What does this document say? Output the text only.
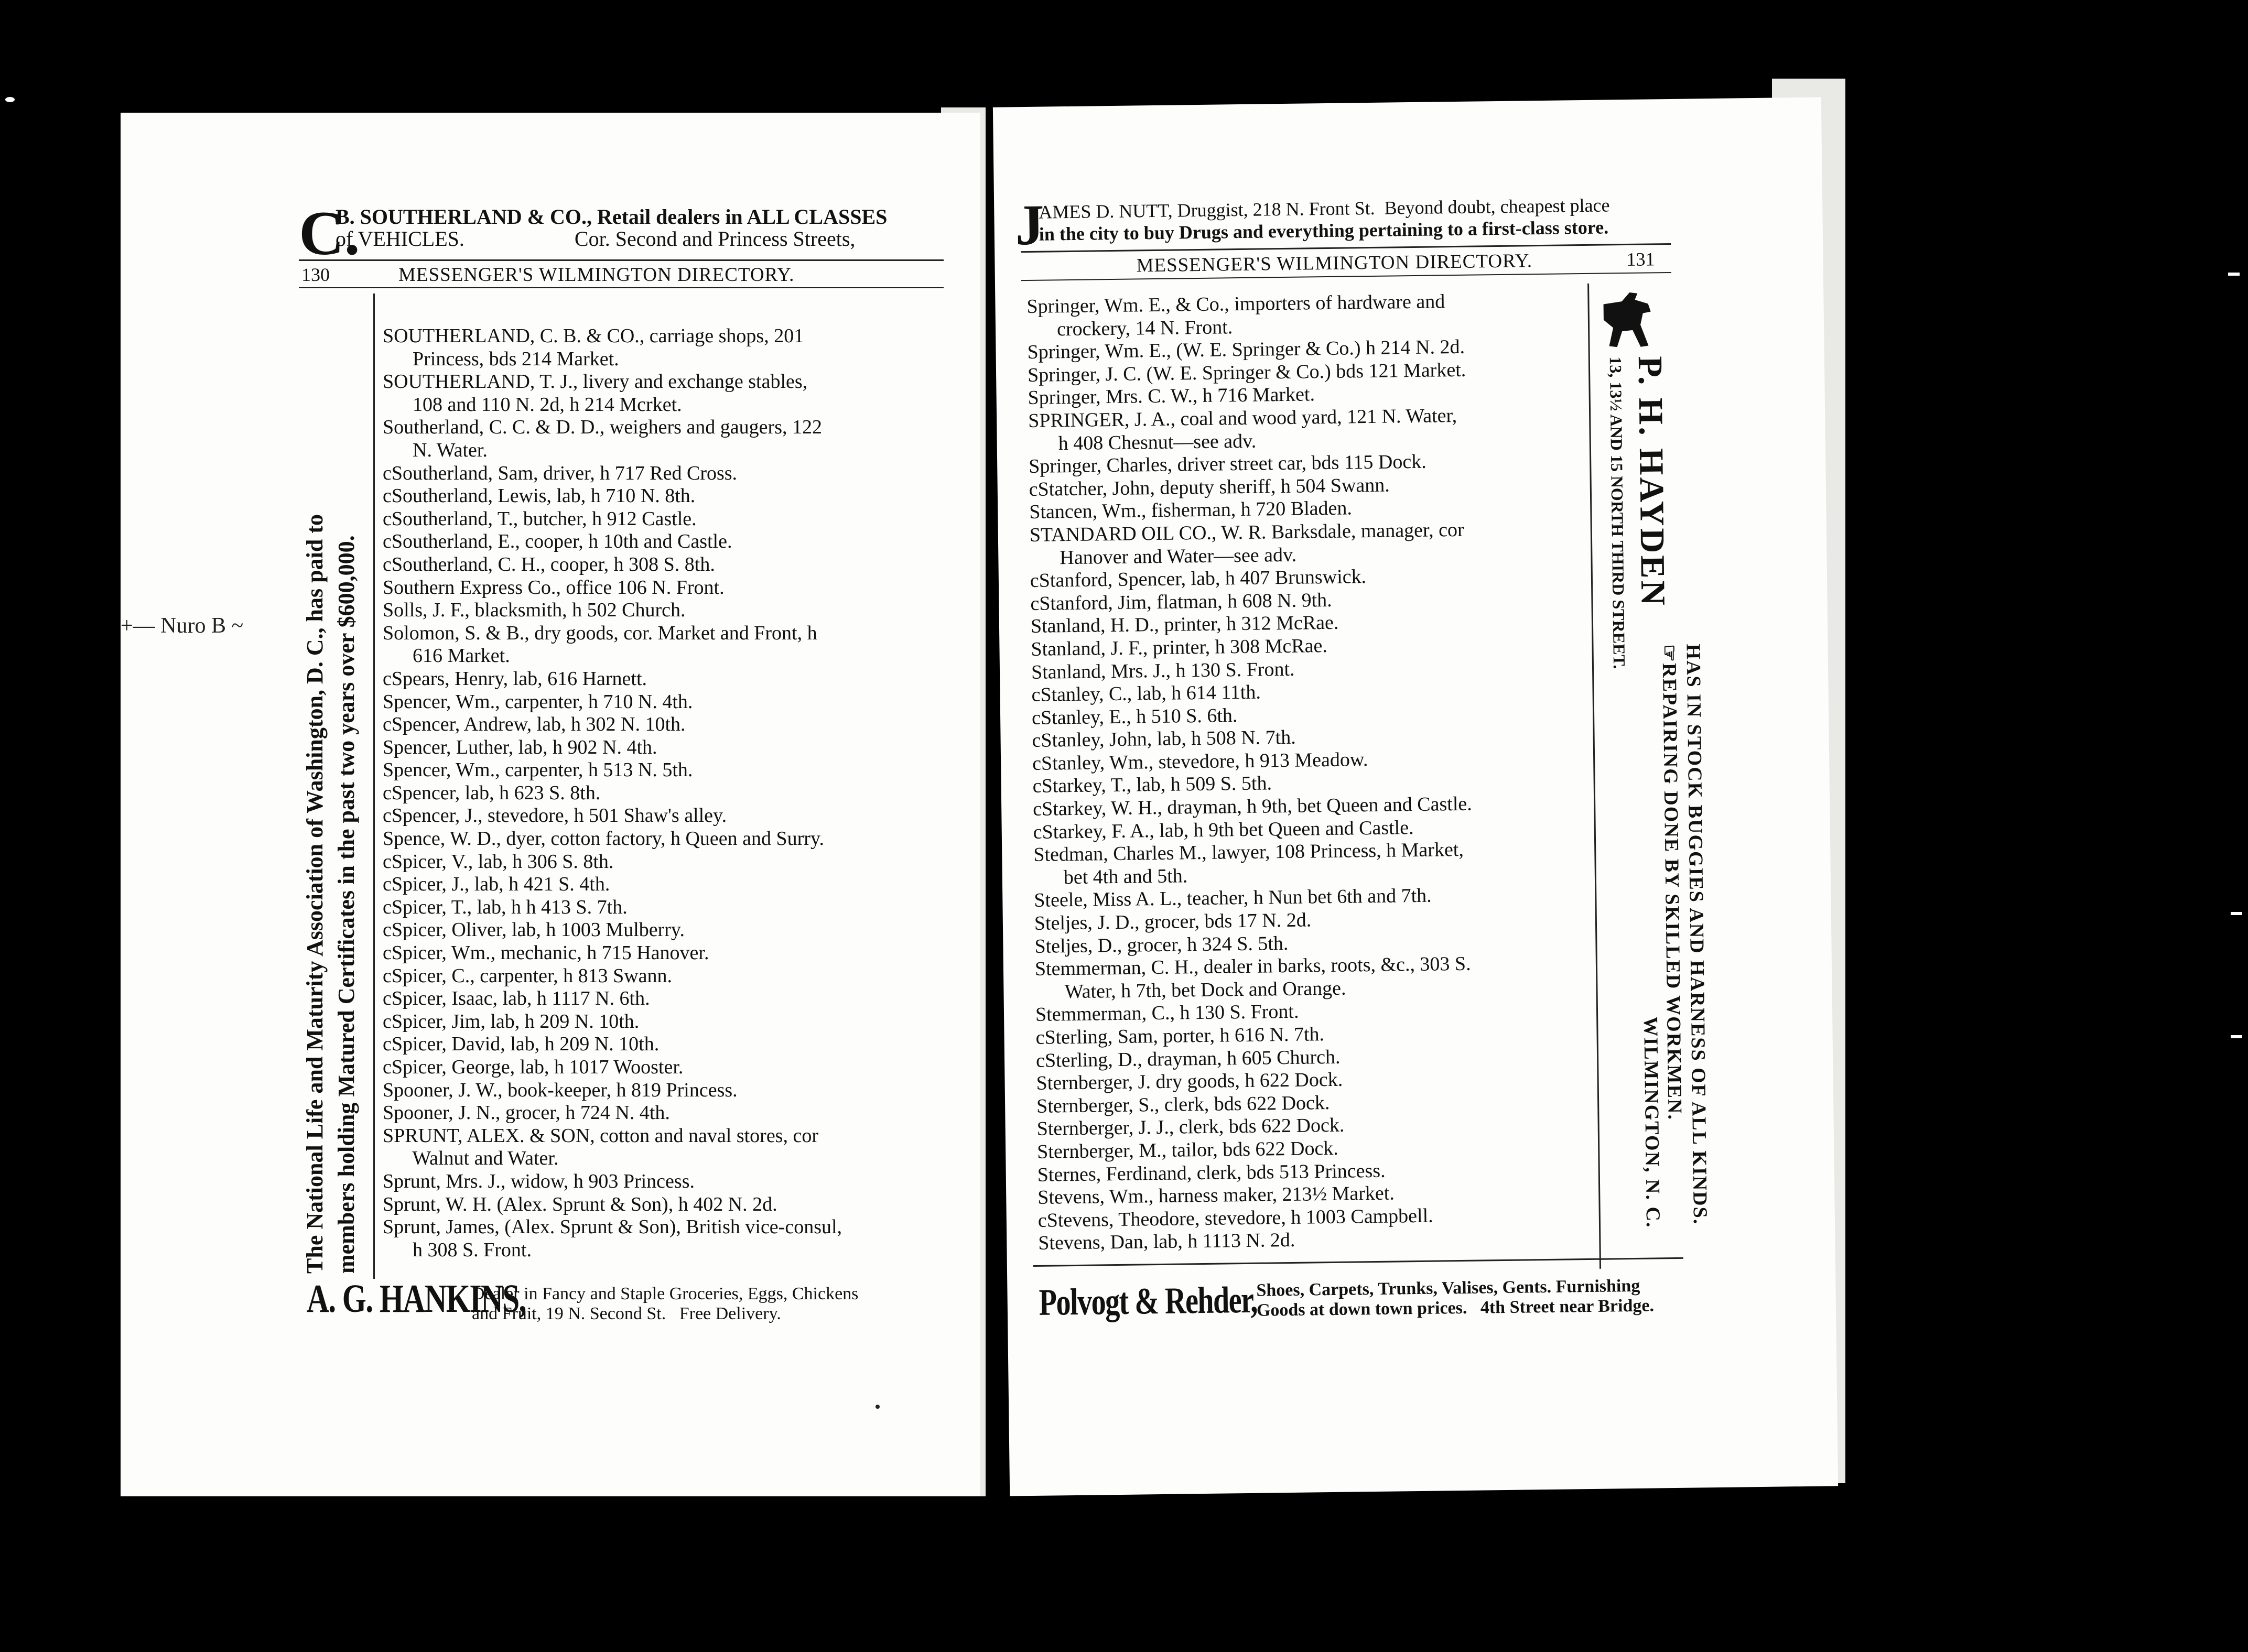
C.
B. SOUTHERLAND & CO., Retail dealers in ALL CLASSES
of VEHICLES.                     Cor. Second and Princess Streets,
130	MESSENGER'S WILMINGTON DIRECTORY.
The National Life and Maturity Association of Washington, D. C., has paid to members holding Matured Certificates in the past two years over $600,000.
+— Nuro B ~
SOUTHERLAND, C. B. & CO., carriage shops, 201
Princess, bds 214 Market.
SOUTHERLAND, T. J., livery and exchange stables,
108 and 110 N. 2d, h 214 Mcrket.
Southerland, C. C. & D. D., weighers and gaugers, 122
N. Water.
cSoutherland, Sam, driver, h 717 Red Cross.
cSoutherland, Lewis, lab, h 710 N. 8th.
cSoutherland, T., butcher, h 912 Castle.
cSoutherland, E., cooper, h 10th and Castle.
cSoutherland, C. H., cooper, h 308 S. 8th.
Southern Express Co., office 106 N. Front.
Solls, J. F., blacksmith, h 502 Church.
Solomon, S. & B., dry goods, cor. Market and Front, h
616 Market.
cSpears, Henry, lab, 616 Harnett.
Spencer, Wm., carpenter, h 710 N. 4th.
cSpencer, Andrew, lab, h 302 N. 10th.
Spencer, Luther, lab, h 902 N. 4th.
Spencer, Wm., carpenter, h 513 N. 5th.
cSpencer, lab, h 623 S. 8th.
cSpencer, J., stevedore, h 501 Shaw's alley.
Spence, W. D., dyer, cotton factory, h Queen and Surry.
cSpicer, V., lab, h 306 S. 8th.
cSpicer, J., lab, h 421 S. 4th.
cSpicer, T., lab, h h 413 S. 7th.
cSpicer, Oliver, lab, h 1003 Mulberry.
cSpicer, Wm., mechanic, h 715 Hanover.
cSpicer, C., carpenter, h 813 Swann.
cSpicer, Isaac, lab, h 1117 N. 6th.
cSpicer, Jim, lab, h 209 N. 10th.
cSpicer, David, lab, h 209 N. 10th.
cSpicer, George, lab, h 1017 Wooster.
Spooner, J. W., book-keeper, h 819 Princess.
Spooner, J. N., grocer, h 724 N. 4th.
SPRUNT, ALEX. & SON, cotton and naval stores, cor
Walnut and Water.
Sprunt, Mrs. J., widow, h 903 Princess.
Sprunt, W. H. (Alex. Sprunt & Son), h 402 N. 2d.
Sprunt, James, (Alex. Sprunt & Son), British vice-consul,
h 308 S. Front.
A. G. HANKINS,
Dealer in Fancy and Staple Groceries, Eggs, Chickens
and Fruit, 19 N. Second St.   Free Delivery.
J
AMES D. NUTT, Druggist, 218 N. Front St.  Beyond doubt, cheapest place
in the city to buy Drugs and everything pertaining to a first-class store.
MESSENGER'S WILMINGTON DIRECTORY.	131
Springer, Wm. E., & Co., importers of hardware and
crockery, 14 N. Front.
Springer, Wm. E., (W. E. Springer & Co.) h 214 N. 2d.
Springer, J. C. (W. E. Springer & Co.) bds 121 Market.
Springer, Mrs. C. W., h 716 Market.
SPRINGER, J. A., coal and wood yard, 121 N. Water,
h 408 Chesnut—see adv.
Springer, Charles, driver street car, bds 115 Dock.
cStatcher, John, deputy sheriff, h 504 Swann.
Stancen, Wm., fisherman, h 720 Bladen.
STANDARD OIL CO., W. R. Barksdale, manager, cor
Hanover and Water—see adv.
cStanford, Spencer, lab, h 407 Brunswick.
cStanford, Jim, flatman, h 608 N. 9th.
Stanland, H. D., printer, h 312 McRae.
Stanland, J. F., printer, h 308 McRae.
Stanland, Mrs. J., h 130 S. Front.
cStanley, C., lab, h 614 11th.
cStanley, E., h 510 S. 6th.
cStanley, John, lab, h 508 N. 7th.
cStanley, Wm., stevedore, h 913 Meadow.
cStarkey, T., lab, h 509 S. 5th.
cStarkey, W. H., drayman, h 9th, bet Queen and Castle.
cStarkey, F. A., lab, h 9th bet Queen and Castle.
Stedman, Charles M., lawyer, 108 Princess, h Market,
bet 4th and 5th.
Steele, Miss A. L., teacher, h Nun bet 6th and 7th.
Steljes, J. D., grocer, bds 17 N. 2d.
Steljes, D., grocer, h 324 S. 5th.
Stemmerman, C. H., dealer in barks, roots, &c., 303 S.
Water, h 7th, bet Dock and Orange.
Stemmerman, C., h 130 S. Front.
cSterling, Sam, porter, h 616 N. 7th.
cSterling, D., drayman, h 605 Church.
Sternberger, J. dry goods, h 622 Dock.
Sternberger, S., clerk, bds 622 Dock.
Sternberger, J. J., clerk, bds 622 Dock.
Sternberger, M., tailor, bds 622 Dock.
Sternes, Ferdinand, clerk, bds 513 Princess.
Stevens, Wm., harness maker, 213½ Market.
cStevens, Theodore, stevedore, h 1003 Campbell.
Stevens, Dan, lab, h 1113 N. 2d.
P. H. HAYDEN
13, 13½ AND 15 NORTH THIRD STREET.
HAS IN STOCK BUGGIES AND HARNESS OF ALL KINDS.
☞REPAIRING DONE BY SKILLED WORKMEN.
WILMINGTON, N. C.
Polvogt & Rehder,
Shoes, Carpets, Trunks, Valises, Gents. Furnishing
Goods at down town prices.   4th Street near Bridge.
